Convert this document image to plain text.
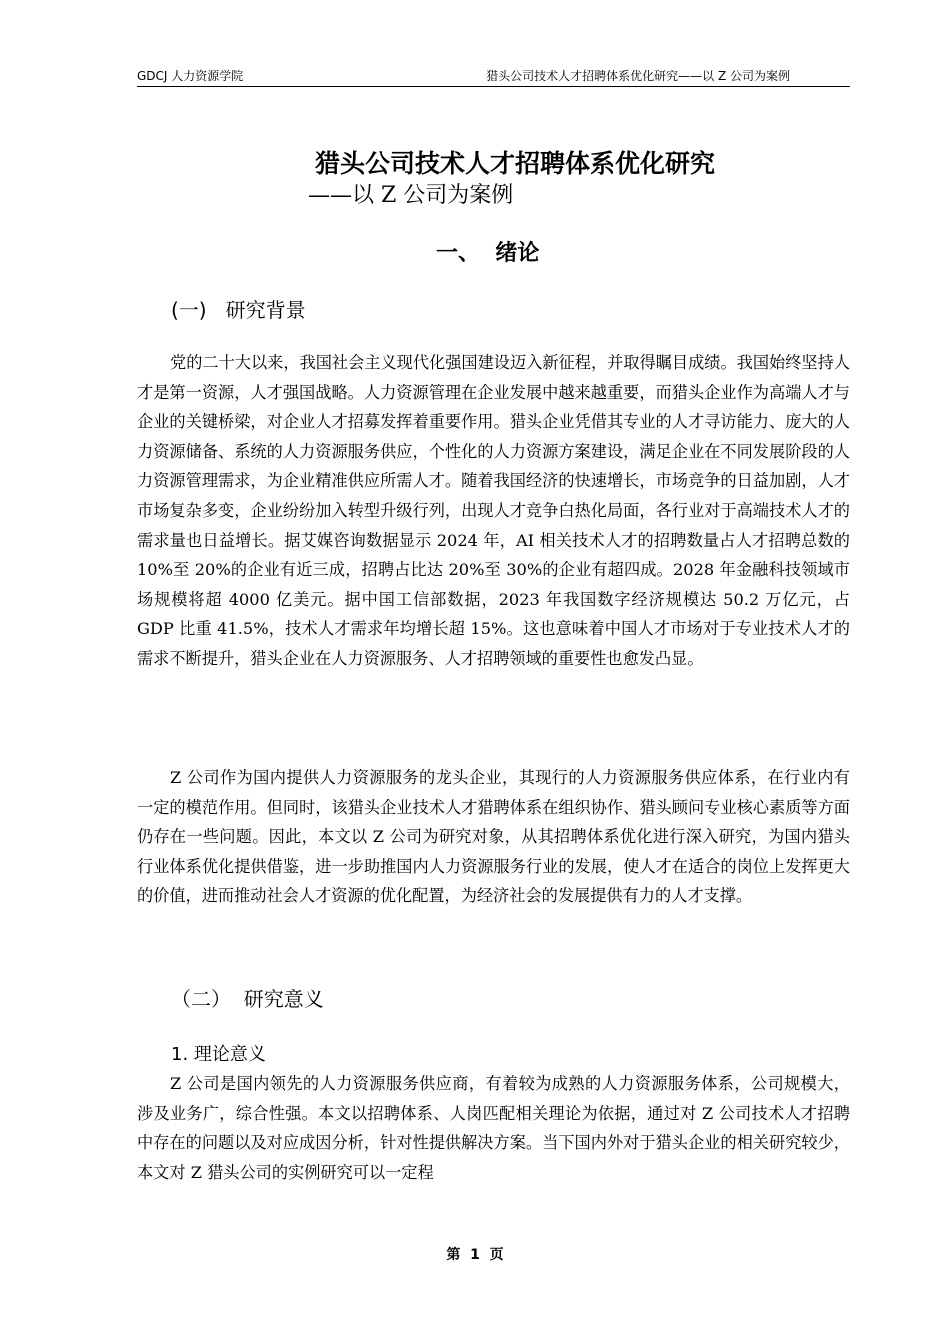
GDCJ 人力资源学院	猎头公司技术人才招聘体系优化研究——以 Z 公司为案例
猎头公司技术人才招聘体系优化研究
——以 Z 公司为案例
一、  绪论
(一)   研究背景

党的二十大以来，我国社会主义现代化强国建设迈入新征程，并取得瞩目成绩。我国始终坚持人才是第一资源，人才强国战略。人力资源管理在企业发展中越来越重要，而猎头企业作为高端人才与企业的关键桥梁，对企业人才招募发挥着重要作用。猎头企业凭借其专业的人才寻访能力、庞大的人力资源储备、系统的人力资源服务供应，个性化的人力资源方案建设，满足企业在不同发展阶段的人力资源管理需求，为企业精准供应所需人才。随着我国经济的快速增长，市场竞争的日益加剧，人才市场复杂多变，企业纷纷加入转型升级行列，出现人才竞争白热化局面，各行业对于高端技术人才的需求量也日益增长。据艾媒咨询数据显示 2024 年，AI 相关技术人才的招聘数量占人才招聘总数的 10%至 20%的企业有近三成，招聘占比达 20%至 30%的企业有超四成。2028 年金融科技领域市场规模将超 4000 亿美元。据中国工信部数据，2023 年我国数字经济规模达 50.2 万亿元，占 GDP 比重 41.5%，技术人才需求年均增长超 15%。这也意味着中国人才市场对于专业技术人才的需求不断提升，猎头企业在人力资源服务、人才招聘领域的重要性也愈发凸显。

Z 公司作为国内提供人力资源服务的龙头企业，其现行的人力资源服务供应体系，在行业内有一定的模范作用。但同时，该猎头企业技术人才猎聘体系在组织协作、猎头顾问专业核心素质等方面仍存在一些问题。因此，本文以 Z 公司为研究对象，从其招聘体系优化进行深入研究，为国内猎头行业体系优化提供借鉴，进一步助推国内人力资源服务行业的发展，使人才在适合的岗位上发挥更大的价值，进而推动社会人才资源的优化配置，为经济社会的发展提供有力的人才支撑。

（二）  研究意义
1. 理论意义

Z 公司是国内领先的人力资源服务供应商，有着较为成熟的人力资源服务体系，公司规模大，涉及业务广，综合性强。本文以招聘体系、人岗匹配相关理论为依据，通过对 Z 公司技术人才招聘中存在的问题以及对应成因分析，针对性提供解决方案。当下国内外对于猎头企业的相关研究较少，本文对 Z 猎头公司的实例研究可以一定程

第  1  页
